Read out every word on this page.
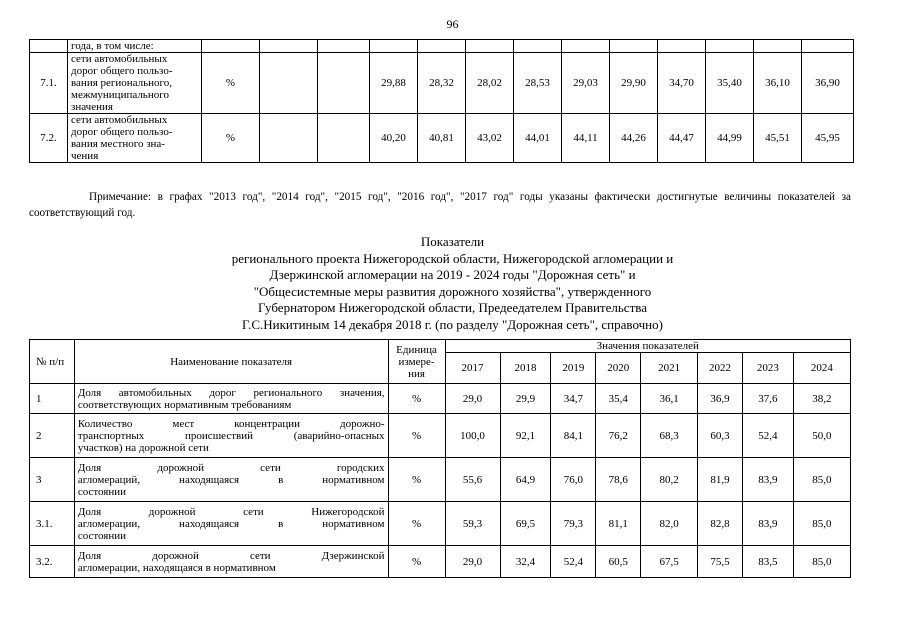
96
	года, в том числе:													
7.1.	сети автомобильных
дорог общего пользо-
вания регионального,
межмуниципального
значения	%			29,88	28,32	28,02	28,53	29,03	29,90	34,70	35,40	36,10	36,90
7.2.	сети автомобильных
дорог общего пользо-
вания местного зна-
чения	%			40,20	40,81	43,02	44,01	44,11	44,26	44,47	44,99	45,51	45,95
Примечание: в графах "2013 год", "2014 год", "2015 год", "2016 год", "2017 год" годы указаны фактически достигнутые величины показателей за соответствующий год.
Показатели
регионального проекта Нижегородской области, Нижегородской агломерации и
Дзержинской агломерации на 2019 - 2024 годы "Дорожная сеть" и
"Общесистемные меры развития дорожного хозяйства", утвержденного
Губернатором Нижегородской области, Предеедателем Правительства
Г.С.Никитиным 14 декабря 2018 г. (по разделу "Дорожная сеть", справочно)
№ п/п	Наименование показателя	Единица измере-ния	Значения показателей							
			2017	2018	2019	2020	2021	2022	2023	2024
1	Доля автомобильных дорог регионального значения,
соответствующих нормативным требованиям	%	29,0	29,9	34,7	35,4	36,1	36,9	37,6	38,2
2	Количество мест концентрации дорожно-
транспортных происшествий (аварийно-опасных
участков) на дорожной сети	%	100,0	92,1	84,1	76,2	68,3	60,3	52,4	50,0
3	Доля дорожной сети городских
агломераций, находящаяся в нормативном
состоянии	%	55,6	64,9	76,0	78,6	80,2	81,9	83,9	85,0
3.1.	Доля дорожной сети Нижегородской
агломерации, находящаяся в нормативном
состоянии	%	59,3	69,5	79,3	81,1	82,0	82,8	83,9	85,0
3.2.	Доля дорожной сети Дзержинской
агломерации, находящаяся в нормативном	%	29,0	32,4	52,4	60,5	67,5	75,5	83,5	85,0
